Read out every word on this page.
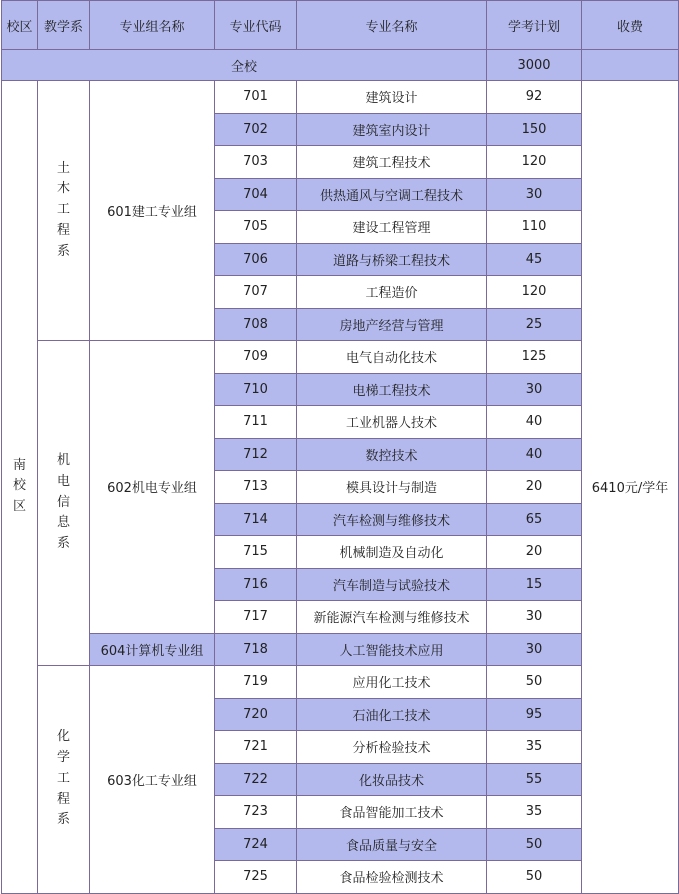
校区	教学系	专业组名称	专业代码	专业名称	学考计划	收费
全校					3000	
南校区	土木工程系	601建工专业组	701	建筑设计	92	6410元/学年
			702	建筑室内设计	150	
			703	建筑工程技术	120	
			704	供热通风与空调工程技术	30	
			705	建设工程管理	110	
			706	道路与桥梁工程技术	45	
			707	工程造价	120	
			708	房地产经营与管理	25	
	机电信息系	602机电专业组	709	电气自动化技术	125	
			710	电梯工程技术	30	
			711	工业机器人技术	40	
			712	数控技术	40	
			713	模具设计与制造	20	
			714	汽车检测与维修技术	65	
			715	机械制造及自动化	20	
			716	汽车制造与试验技术	15	
			717	新能源汽车检测与维修技术	30	
		604计算机专业组	718	人工智能技术应用	30	
	化学工程系	603化工专业组	719	应用化工技术	50	
			720	石油化工技术	95	
			721	分析检验技术	35	
			722	化妆品技术	55	
			723	食品智能加工技术	35	
			724	食品质量与安全	50	
			725	食品检验检测技术	50	
